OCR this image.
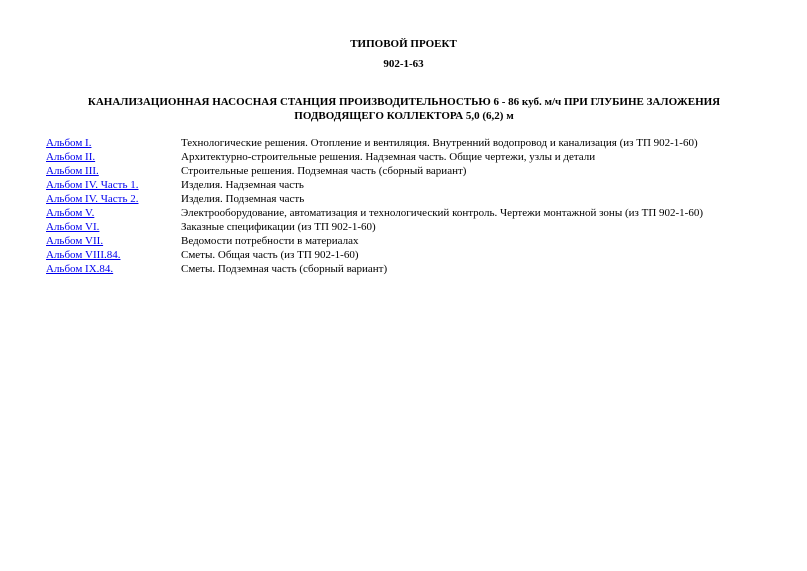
ТИПОВОЙ ПРОЕКТ
902-1-63
КАНАЛИЗАЦИОННАЯ НАСОСНАЯ СТАНЦИЯ ПРОИЗВОДИТЕЛЬНОСТЬЮ 6 - 86 куб. м/ч ПРИ ГЛУБИНЕ ЗАЛОЖЕНИЯ ПОДВОДЯЩЕГО КОЛЛЕКТОРА 5,0 (6,2) м
Альбом I.	Технологические решения. Отопление и вентиляция. Внутренний водопровод и канализация (из ТП 902-1-60)
Альбом II.	Архитектурно-строительные решения. Надземная часть. Общие чертежи, узлы и детали
Альбом III.	Строительные решения. Подземная часть (сборный вариант)
Альбом IV. Часть 1.	Изделия. Надземная часть
Альбом IV. Часть 2.	Изделия. Подземная часть
Альбом V.	Электрооборудование, автоматизация и технологический контроль. Чертежи монтажной зоны (из ТП 902-1-60)
Альбом VI.	Заказные спецификации (из ТП 902-1-60)
Альбом VII.	Ведомости потребности в материалах
Альбом VIII.84.	Сметы. Общая часть (из ТП 902-1-60)
Альбом IX.84.	Сметы. Подземная часть (сборный вариант)
